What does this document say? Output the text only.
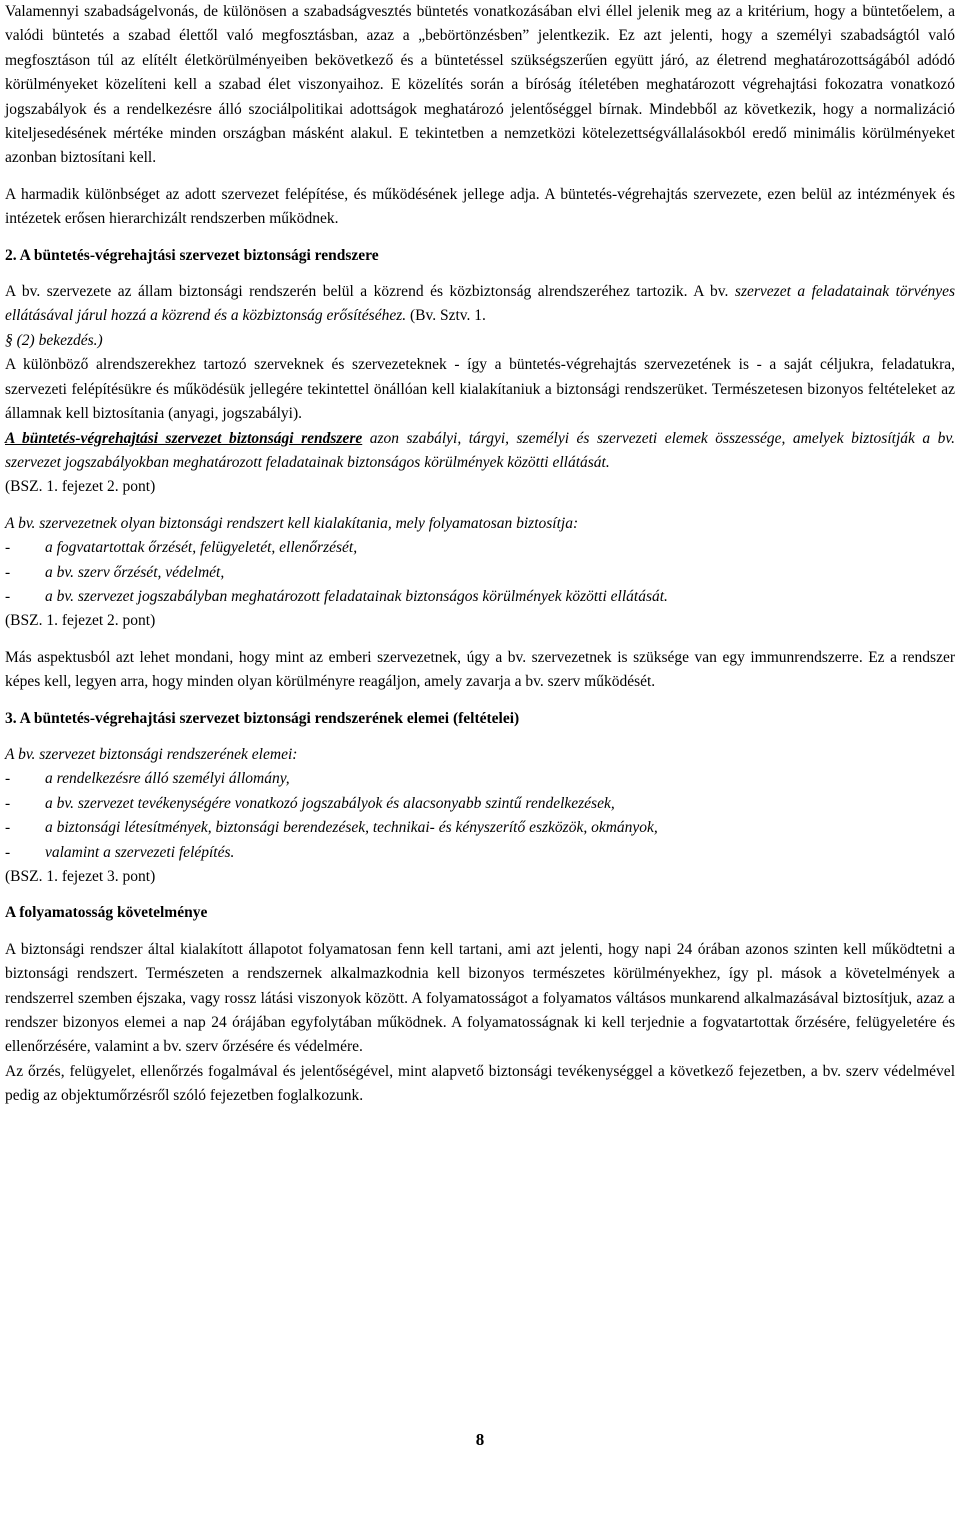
Valamennyi szabadságelvonás, de különösen a szabadságvesztés büntetés vonatkozásában elvi éllel jelenik meg az a kritérium, hogy a büntetőelem, a valódi büntetés a szabad élettől való megfosztásban, azaz a „bebörtönzésben” jelentkezik. Ez azt jelenti, hogy a személyi szabadságtól való megfosztáson túl az elítélt életkörülményeiben bekövetkező és a büntetéssel szükségszerűen együtt járó, az életrend meghatározottságából adódó körülményeket közelíteni kell a szabad élet viszonyaihoz. E közelítés során a bíróság ítéletében meghatározott végrehajtási fokozatra vonatkozó jogszabályok és a rendelkezésre álló szociálpolitikai adottságok meghatározó jelentőséggel bírnak. Mindebből az következik, hogy a normalizáció kiteljesedésének mértéke minden országban másként alakul. E tekintetben a nemzetközi kötelezettségvállalásokból eredő minimális körülményeket azonban biztosítani kell.

A harmadik különbséget az adott szervezet felépítése, és működésének jellege adja. A büntetés-végrehajtás szervezete, ezen belül az intézmények és intézetek erősen hierarchizált rendszerben működnek.

2. A büntetés-végrehajtási szervezet biztonsági rendszere

A bv. szervezete az állam biztonsági rendszerén belül a közrend és közbiztonság alrendszeréhez tartozik. A bv. szervezet a feladatainak törvényes ellátásával járul hozzá a közrend és a közbiztonság erősítéséhez. (Bv. Sztv. 1.
§ (2) bekezdés.)

A különböző alrendszerekhez tartozó szerveknek és szervezeteknek - így a büntetés-végrehajtás szervezetének is - a saját céljukra, feladatukra, szervezeti felépítésükre és működésük jellegére tekintettel önállóan kell kialakítaniuk a biztonsági rendszerüket. Természetesen bizonyos feltételeket az államnak kell biztosítania (anyagi, jogszabályi).

A büntetés-végrehajtási szervezet biztonsági rendszere azon szabályi, tárgyi, személyi és szervezeti elemek összessége, amelyek biztosítják a bv. szervezet jogszabályokban meghatározott feladatainak biztonságos körülmények közötti ellátását.

(BSZ. 1. fejezet 2. pont)

A bv. szervezetnek olyan biztonsági rendszert kell kialakítania, mely folyamatosan biztosítja:

-	a fogvatartottak őrzését, felügyeletét, ellenőrzését,
-	a bv. szerv őrzését, védelmét,
-	a bv. szervezet jogszabályban meghatározott feladatainak biztonságos körülmények közötti ellátását.

(BSZ. 1. fejezet 2. pont)

Más aspektusból azt lehet mondani, hogy mint az emberi szervezetnek, úgy a bv. szervezetnek is szüksége van egy immunrendszerre. Ez a rendszer képes kell, legyen arra, hogy minden olyan körülményre reagáljon, amely zavarja a bv. szerv működését.

3. A büntetés-végrehajtási szervezet biztonsági rendszerének elemei (feltételei)

A bv. szervezet biztonsági rendszerének elemei:

-	a rendelkezésre álló személyi állomány,
-	a bv. szervezet tevékenységére vonatkozó jogszabályok és alacsonyabb szintű rendelkezések,
-	a biztonsági létesítmények, biztonsági berendezések, technikai- és kényszerítő eszközök, okmányok,
-	valamint a szervezeti felépítés.

(BSZ. 1. fejezet 3. pont)

A folyamatosság követelménye

A biztonsági rendszer által kialakított állapotot folyamatosan fenn kell tartani, ami azt jelenti, hogy napi 24 órában azonos szinten kell működtetni a biztonsági rendszert. Természeten a rendszernek alkalmazkodnia kell bizonyos természetes körülményekhez, így pl. mások a követelmények a rendszerrel szemben éjszaka, vagy rossz látási viszonyok között. A folyamatosságot a folyamatos váltásos munkarend alkalmazásával biztosítjuk, azaz a rendszer bizonyos elemei a nap 24 órájában egyfolytában működnek. A folyamatosságnak ki kell terjednie a fogvatartottak őrzésére, felügyeletére és ellenőrzésére, valamint a bv. szerv őrzésére és védelmére.

Az őrzés, felügyelet, ellenőrzés fogalmával és jelentőségével, mint alapvető biztonsági tevékenységgel a következő fejezetben, a bv. szerv védelmével pedig az objektumőrzésről szóló fejezetben foglalkozunk.

8
